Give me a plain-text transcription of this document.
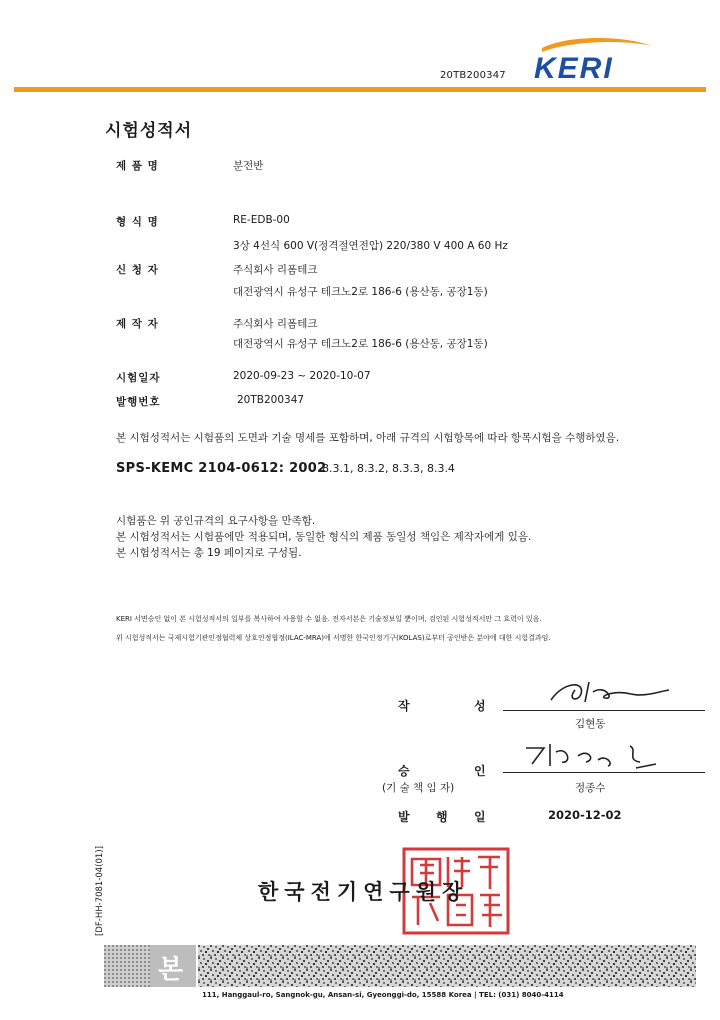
20TB200347 KERI
시험성적서
제 품 명	분전반
형 식 명	RE-EDB-00
3상 4선식 600 V(정격절연전압) 220/380 V 400 A 60 Hz
신 청 자	주식회사 리폼테크
대전광역시 유성구 테크노2로 186-6 (용산동, 공장1동)
제 작 자	주식회사 리폼테크
대전광역시 유성구 테크노2로 186-6 (용산동, 공장1동)
시험일자	2020-09-23 ~ 2020-10-07
발행번호	20TB200347
본 시험성적서는 시험품의 도면과 기술 명세를 포함하며, 아래 규격의 시험항목에 따라 항목시험을 수행하였음.
SPS-KEMC 2104-0612: 2002
8.3.1, 8.3.2, 8.3.3, 8.3.4
시험품은 위 공인규격의 요구사항을 만족함.
본 시험성적서는 시험품에만 적용되며, 동일한 형식의 제품 동일성 책임은 제작자에게 있음.
본 시험성적서는 총 19 페이지로 구성됨.
KERI 서면승인 없이 본 시험성적서의 일부를 복사하여 사용할 수 없음. 전자서본은 기술정보일 뿐이며, 검인된 시험성적서만 그 효력이 있음.
위 시험성적서는 국제시험기관인정협력체 상호인정협정(ILAC-MRA)에 서명한 한국인정기구(KOLAS)로부터 공인받은 분야에 대한 시험결과임.
작	성
김현동
승	인
(기 술 책 임 자)	정종수
발 행 일	2020-12-02
한국전기연구원장
[DF-HH-7081-04(01)]
본
111, Hanggaul-ro, Sangnok-gu, Ansan-si, Gyeonggi-do, 15588 Korea | TEL: (031) 8040-4114
